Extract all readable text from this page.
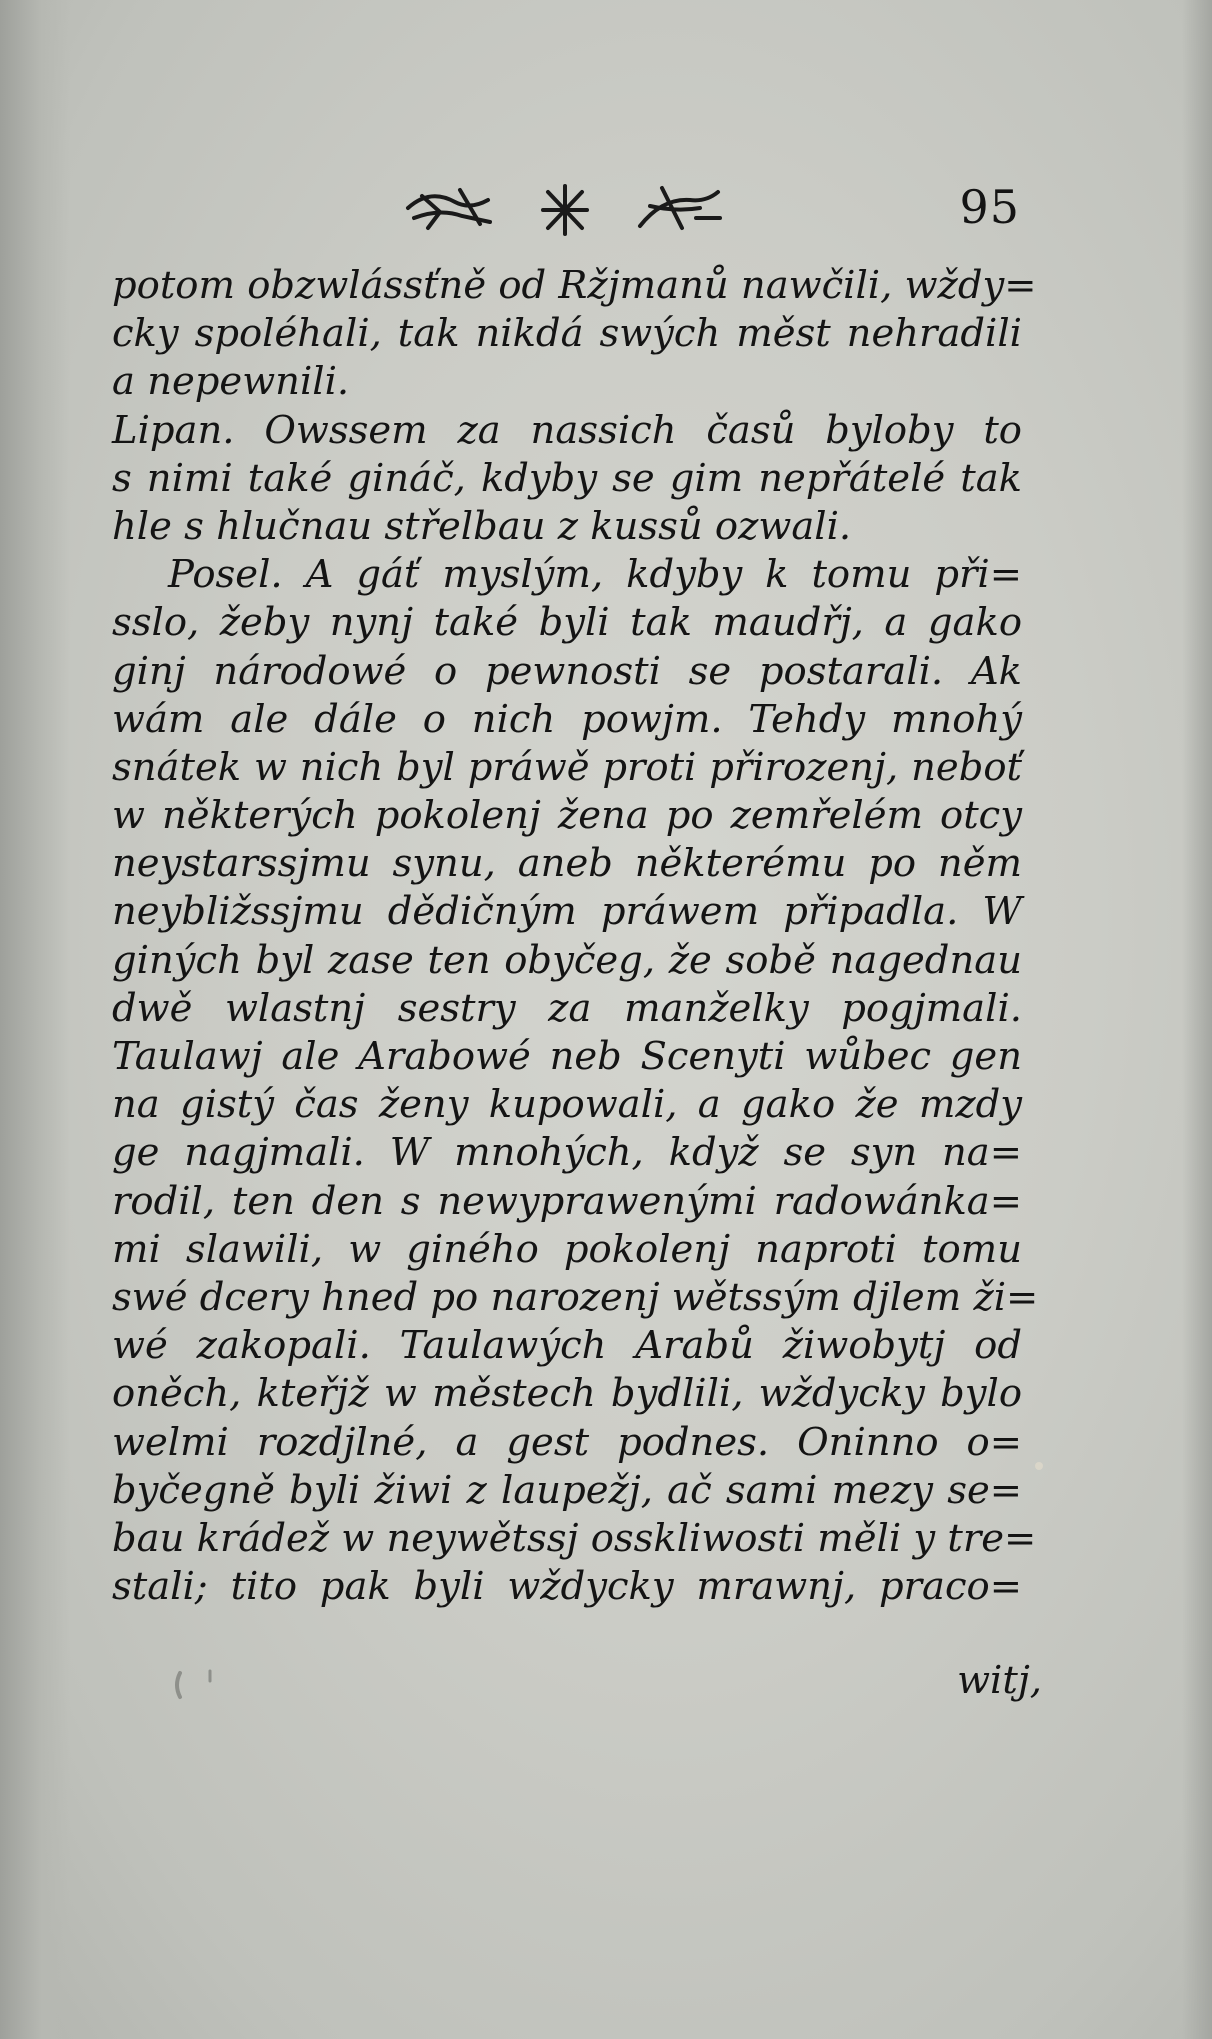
95
potom obzwlássťně od Ržjmanů nawčili, wždy=
cky spoléhali, tak nikdá swých měst nehradili
a nepewnili.
Lipan. Owssem za nassich časů byloby to
s nimi také gináč, kdyby se gim nepřátelé tak
hle s hlučnau střelbau z kussů ozwali.
Posel. A gáť myslým, kdyby k tomu při=
sslo, žeby nynj také byli tak maudřj, a gako
ginj národowé o pewnosti se postarali. Ak
wám ale dále o nich powjm. Tehdy mnohý
snátek w nich byl práwě proti přirozenj, neboť
w některých pokolenj žena po zemřelém otcy
neystarssjmu synu, aneb některému po něm
neybližssjmu dědičným práwem připadla. W
giných byl zase ten obyčeg, že sobě nagednau
dwě wlastnj sestry za manželky pogjmali.
Taulawj ale Arabowé neb Scenyti wůbec gen
na gistý čas ženy kupowali, a gako že mzdy
ge nagjmali. W mnohých, když se syn na=
rodil, ten den s newyprawenými radowánka=
mi slawili, w giného pokolenj naproti tomu
swé dcery hned po narozenj wětssým djlem ži=
wé zakopali. Taulawých Arabů žiwobytj od
oněch, kteřjž w městech bydlili, wždycky bylo
welmi rozdjlné, a gest podnes. Oninno o=
byčegně byli žiwi z laupežj, ač sami mezy se=
bau krádež w neywětssj osskliwosti měli y tre=
stali; tito pak byli wždycky mrawnj, praco=
witj,
